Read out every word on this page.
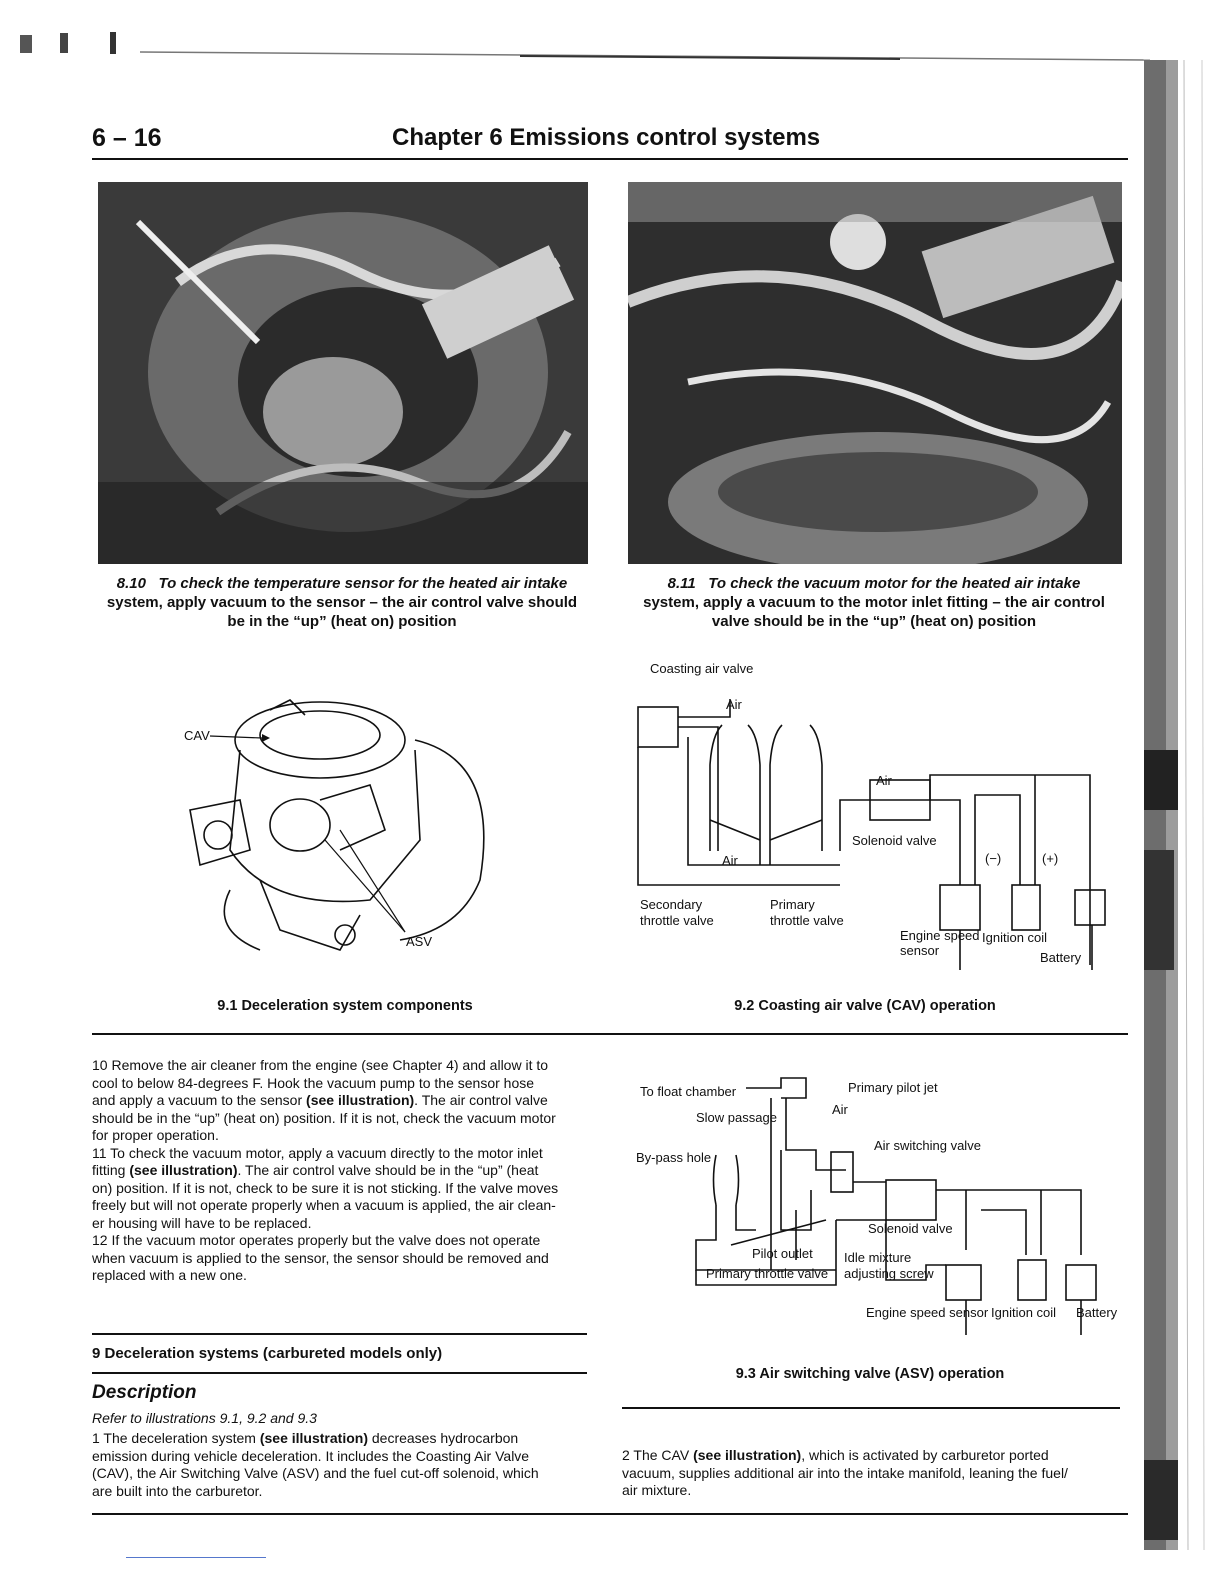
6 – 16	Chapter 6 Emissions control systems
8.10 To check the temperature sensor for the heated air intake
system, apply vacuum to the sensor – the air control valve should
be in the “up” (heat on) position
8.11 To check the vacuum motor for the heated air intake
system, apply a vacuum to the motor inlet fitting – the air control
valve should be in the “up” (heat on) position
CAV
ASV
9.1 Deceleration system components
Coasting air valve
Air
Air
Air
Solenoid valve
(−)	(+)
Secondary
throttle valve
Primary
throttle valve
Engine speed
sensor
Ignition coil
Battery
9.2 Coasting air valve (CAV) operation

10 Remove the air cleaner from the engine (see Chapter 4) and allow it to

cool to below 84-degrees F. Hook the vacuum pump to the sensor hose

and apply a vacuum to the sensor (see illustration). The air control valve

should be in the “up” (heat on) position. If it is not, check the vacuum motor

for proper operation.

11 To check the vacuum motor, apply a vacuum directly to the motor inlet

fitting (see illustration). The air control valve should be in the “up” (heat

on) position. If it is not, check to be sure it is not sticking. If the valve moves

freely but will not operate properly when a vacuum is applied, the air clean-

er housing will have to be replaced.

12 If the vacuum motor operates properly but the valve does not operate

when vacuum is applied to the sensor, the sensor should be removed and

replaced with a new one.

9 Deceleration systems (carbureted models only)
Description
Refer to illustrations 9.1, 9.2 and 9.3

1 The deceleration system (see illustration) decreases hydrocarbon

emission during vehicle deceleration. It includes the Coasting Air Valve

(CAV), the Air Switching Valve (ASV) and the fuel cut-off solenoid, which

are built into the carburetor.

To float chamber	Primary pilot jet
Slow passage
Air
By-pass hole
Air switching valve
Solenoid valve
Pilot outlet
Primary throttle valve
Idle mixture
adjusting screw
Engine speed sensor Ignition coil Battery
9.3 Air switching valve (ASV) operation

2 The CAV (see illustration), which is activated by carburetor ported

vacuum, supplies additional air into the intake manifold, leaning the fuel/

air mixture.
